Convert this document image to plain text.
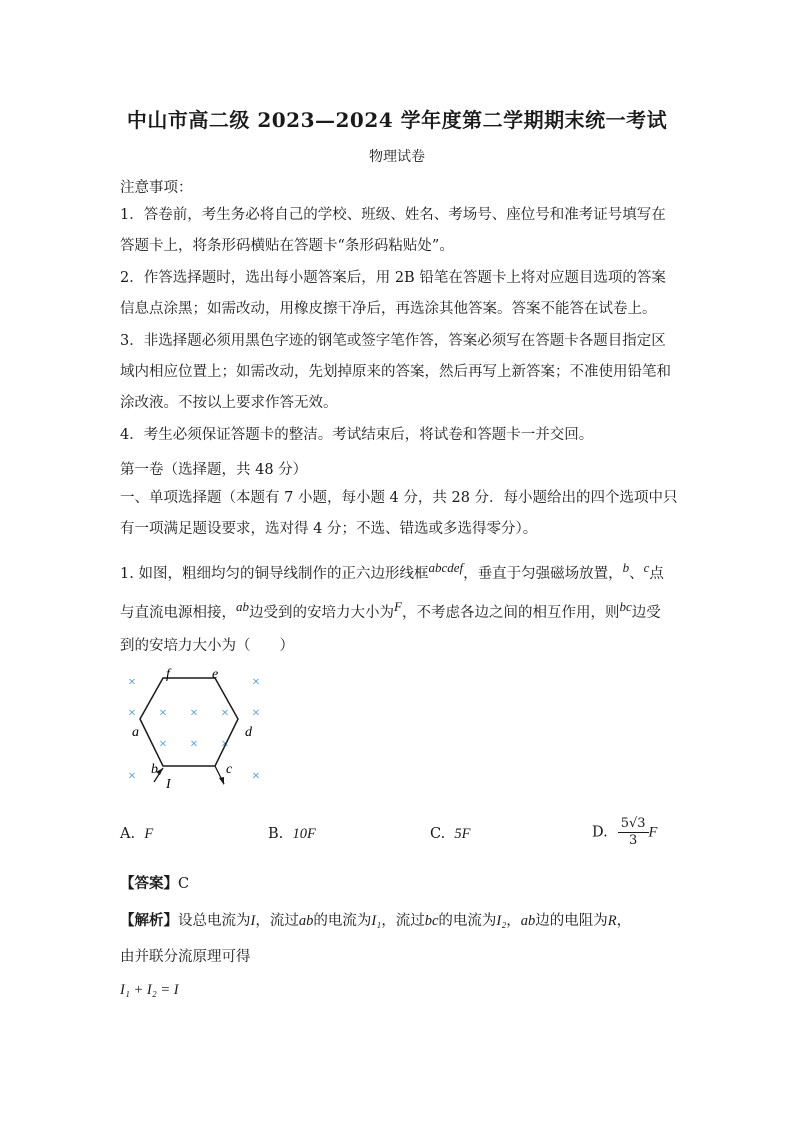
中山市高二级 2023—2024 学年度第二学期期末统一考试
物理试卷
注意事项：
1．答卷前，考生务必将自己的学校、班级、姓名、考场号、座位号和准考证号填写在答题卡上，将条形码横贴在答题卡“条形码粘贴处”。
2．作答选择题时，选出每小题答案后，用 2B 铅笔在答题卡上将对应题目选项的答案信息点涂黑；如需改动，用橡皮擦干净后，再选涂其他答案。答案不能答在试卷上。
3．非选择题必须用黑色字迹的钢笔或签字笔作答，答案必须写在答题卡各题目指定区域内相应位置上；如需改动，先划掉原来的答案，然后再写上新答案；不准使用铅笔和涂改液。不按以上要求作答无效。
4．考生必须保证答题卡的整洁。考试结束后，将试卷和答题卡一并交回。
第一卷（选择题，共 48 分）
一、单项选择题（本题有 7 小题，每小题 4 分，共 28 分．每小题给出的四个选项中只有一项满足题设要求，选对得 4 分；不选、错选或多选得零分）。
1. 如图，粗细均匀的铜导线制作的正六边形线框abcdef，垂直于匀强磁场放置，b、c点
与直流电源相接，ab边受到的安培力大小为F，不考虑各边之间的相互作用，则bc边受
到的安培力大小为（　　）
×	×
× × × × ×
× × ×
×	×
a
b	c
d
e
f
I
A. F	B. 10F	C. 5F	D. $\frac{5√3}{3}$ F
【答案】C
【解析】设总电流为I，流过ab的电流为I₁，流过bc的电流为I₂，ab边的电阻为R，
由并联分流原理可得
I₁ + I₂ = I
